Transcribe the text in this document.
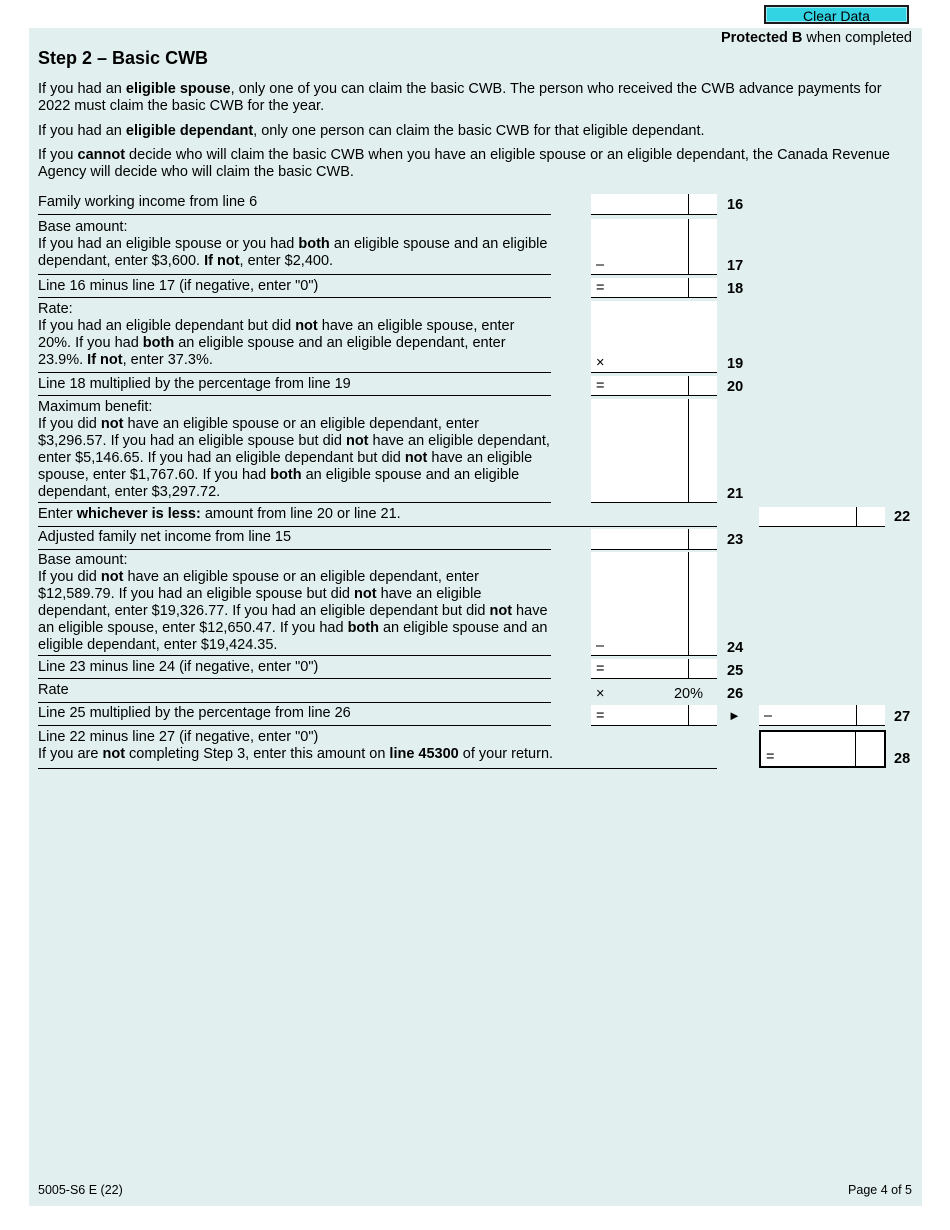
Clear Data
Protected B when completed
Step 2 – Basic CWB

If you had an eligible spouse, only one of you can claim the basic CWB. The person who received the CWB advance payments for 2022 must claim the basic CWB for the year.

If you had an eligible dependant, only one person can claim the basic CWB for that eligible dependant.

If you cannot decide who will claim the basic CWB when you have an eligible spouse or an eligible dependant, the Canada Revenue Agency will decide who will claim the basic CWB.

Family working income from line 6	16
Base amount:
If you had an eligible spouse or you had both an eligible spouse and an eligible dependant, enter $3,600. If not, enter $2,400.	–	17
Line 16 minus line 17 (if negative, enter "0")	=	18
Rate:
If you had an eligible dependant but did not have an eligible spouse, enter 20%. If you had both an eligible spouse and an eligible dependant, enter 23.9%. If not, enter 37.3%.	×	19
Line 18 multiplied by the percentage from line 19	=	20
Maximum benefit:
If you did not have an eligible spouse or an eligible dependant, enter $3,296.57. If you had an eligible spouse but did not have an eligible dependant, enter $5,146.65. If you had an eligible dependant but did not have an eligible spouse, enter $1,767.60. If you had both an eligible spouse and an eligible dependant, enter $3,297.72.	21
Enter whichever is less: amount from line 20 or line 21.	22
Adjusted family net income from line 15	23
Base amount:
If you did not have an eligible spouse or an eligible dependant, enter $12,589.79. If you had an eligible spouse but did not have an eligible dependant, enter $19,326.77. If you had an eligible dependant but did not have an eligible spouse, enter $12,650.47. If you had both an eligible spouse and an eligible dependant, enter $19,424.35.	–	24
Line 23 minus line 24 (if negative, enter "0")	=	25
Rate	×	20% 26
Line 25 multiplied by the percentage from line 26	=	► –	27
Line 22 minus line 27 (if negative, enter "0")
If you are not completing Step 3, enter this amount on line 45300 of your return.	=	28
5005-S6 E (22)	Page 4 of 5
